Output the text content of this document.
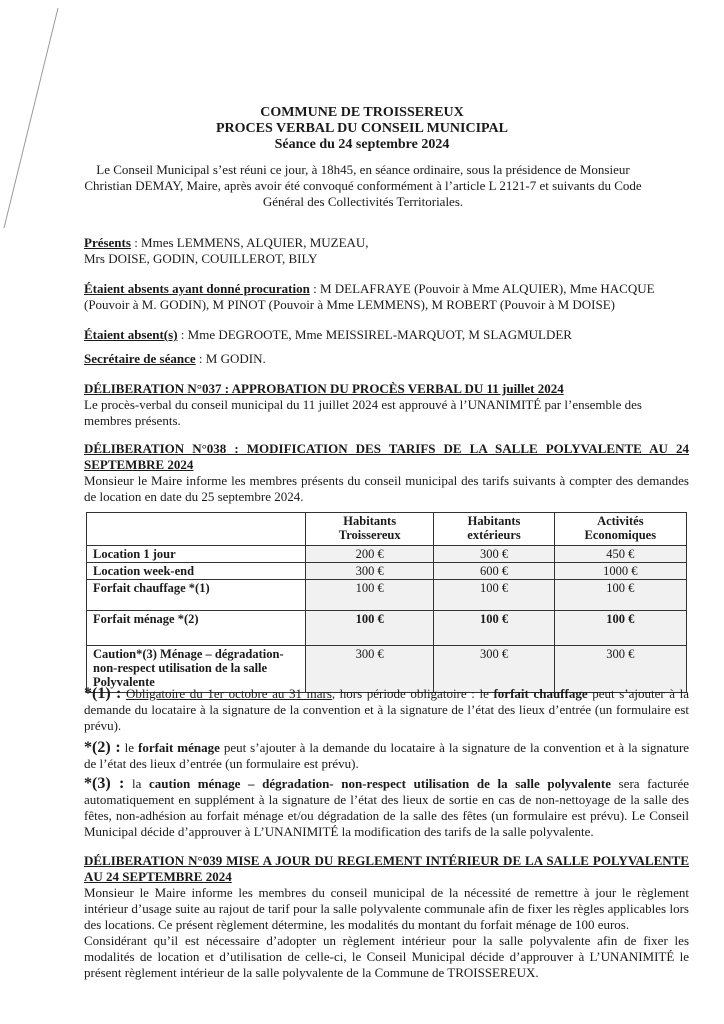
COMMUNE DE TROISSEREUX
PROCES VERBAL DU CONSEIL MUNICIPAL
Séance du 24 septembre 2024
Le Conseil Municipal s’est réuni ce jour, à 18h45, en séance ordinaire, sous la présidence de Monsieur Christian DEMAY, Maire, après avoir été convoqué conformément à l’article L 2121-7 et suivants du Code Général des Collectivités Territoriales.
Présents : Mmes LEMMENS, ALQUIER, MUZEAU,
Mrs DOISE, GODIN, COUILLEROT, BILY
Étaient absents ayant donné procuration : M DELAFRAYE (Pouvoir à Mme ALQUIER), Mme HACQUE (Pouvoir à M. GODIN), M PINOT (Pouvoir à Mme LEMMENS), M ROBERT (Pouvoir à M DOISE)
Étaient absent(s) : Mme DEGROOTE, Mme MEISSIREL-MARQUOT, M SLAGMULDER
Secrétaire de séance : M GODIN.
DÉLIBERATION N°037 : APPROBATION DU PROCÈS VERBAL DU 11 juillet 2024
Le procès-verbal du conseil municipal du 11 juillet 2024 est approuvé à l’UNANIMITÉ par l’ensemble des membres présents.
DÉLIBERATION N°038 : MODIFICATION DES TARIFS DE LA SALLE POLYVALENTE AU 24 SEPTEMBRE 2024
Monsieur le Maire informe les membres présents du conseil municipal des tarifs suivants à compter des demandes de location en date du 25 septembre 2024.
	Habitants Troissereux	Habitants extérieurs	Activités Economiques
Location 1 jour	200 €	300 €	450 €
Location week-end	300 €	600 €	1000 €
Forfait chauffage *(1)	100 €	100 €	100 €
Forfait ménage *(2)	100 €	100 €	100 €
Caution*(3) Ménage – dégradation-non-respect utilisation de la salle Polyvalente	300 €	300 €	300 €
*(1) : Obligatoire du 1er octobre au 31 mars, hors période obligatoire : le forfait chauffage peut s’ajouter à la demande du locataire à la signature de la convention et à la signature de l’état des lieux d’entrée (un formulaire est prévu).
*(2) : le forfait ménage peut s’ajouter à la demande du locataire à la signature de la convention et à la signature de l’état des lieux d’entrée (un formulaire est prévu).
*(3) : la caution ménage – dégradation- non-respect utilisation de la salle polyvalente sera facturée automatiquement en supplément à la signature de l’état des lieux de sortie en cas de non-nettoyage de la salle des fêtes, non-adhésion au forfait ménage et/ou dégradation de la salle des fêtes (un formulaire est prévu). Le Conseil Municipal décide d’approuver à L’UNANIMITÉ la modification des tarifs de la salle polyvalente.
DÉLIBERATION N°039 MISE A JOUR DU REGLEMENT INTÉRIEUR DE LA SALLE POLYVALENTE AU 24 SEPTEMBRE 2024
Monsieur le Maire informe les membres du conseil municipal de la nécessité de remettre à jour le règlement intérieur d’usage suite au rajout de tarif pour la salle polyvalente communale afin de fixer les règles applicables lors des locations. Ce présent règlement détermine, les modalités du montant du forfait ménage de 100 euros.
Considérant qu’il est nécessaire d’adopter un règlement intérieur pour la salle polyvalente afin de fixer les modalités de location et d’utilisation de celle-ci, le Conseil Municipal décide d’approuver à L’UNANIMITÉ le présent règlement intérieur de la salle polyvalente de la Commune de TROISSEREUX.
